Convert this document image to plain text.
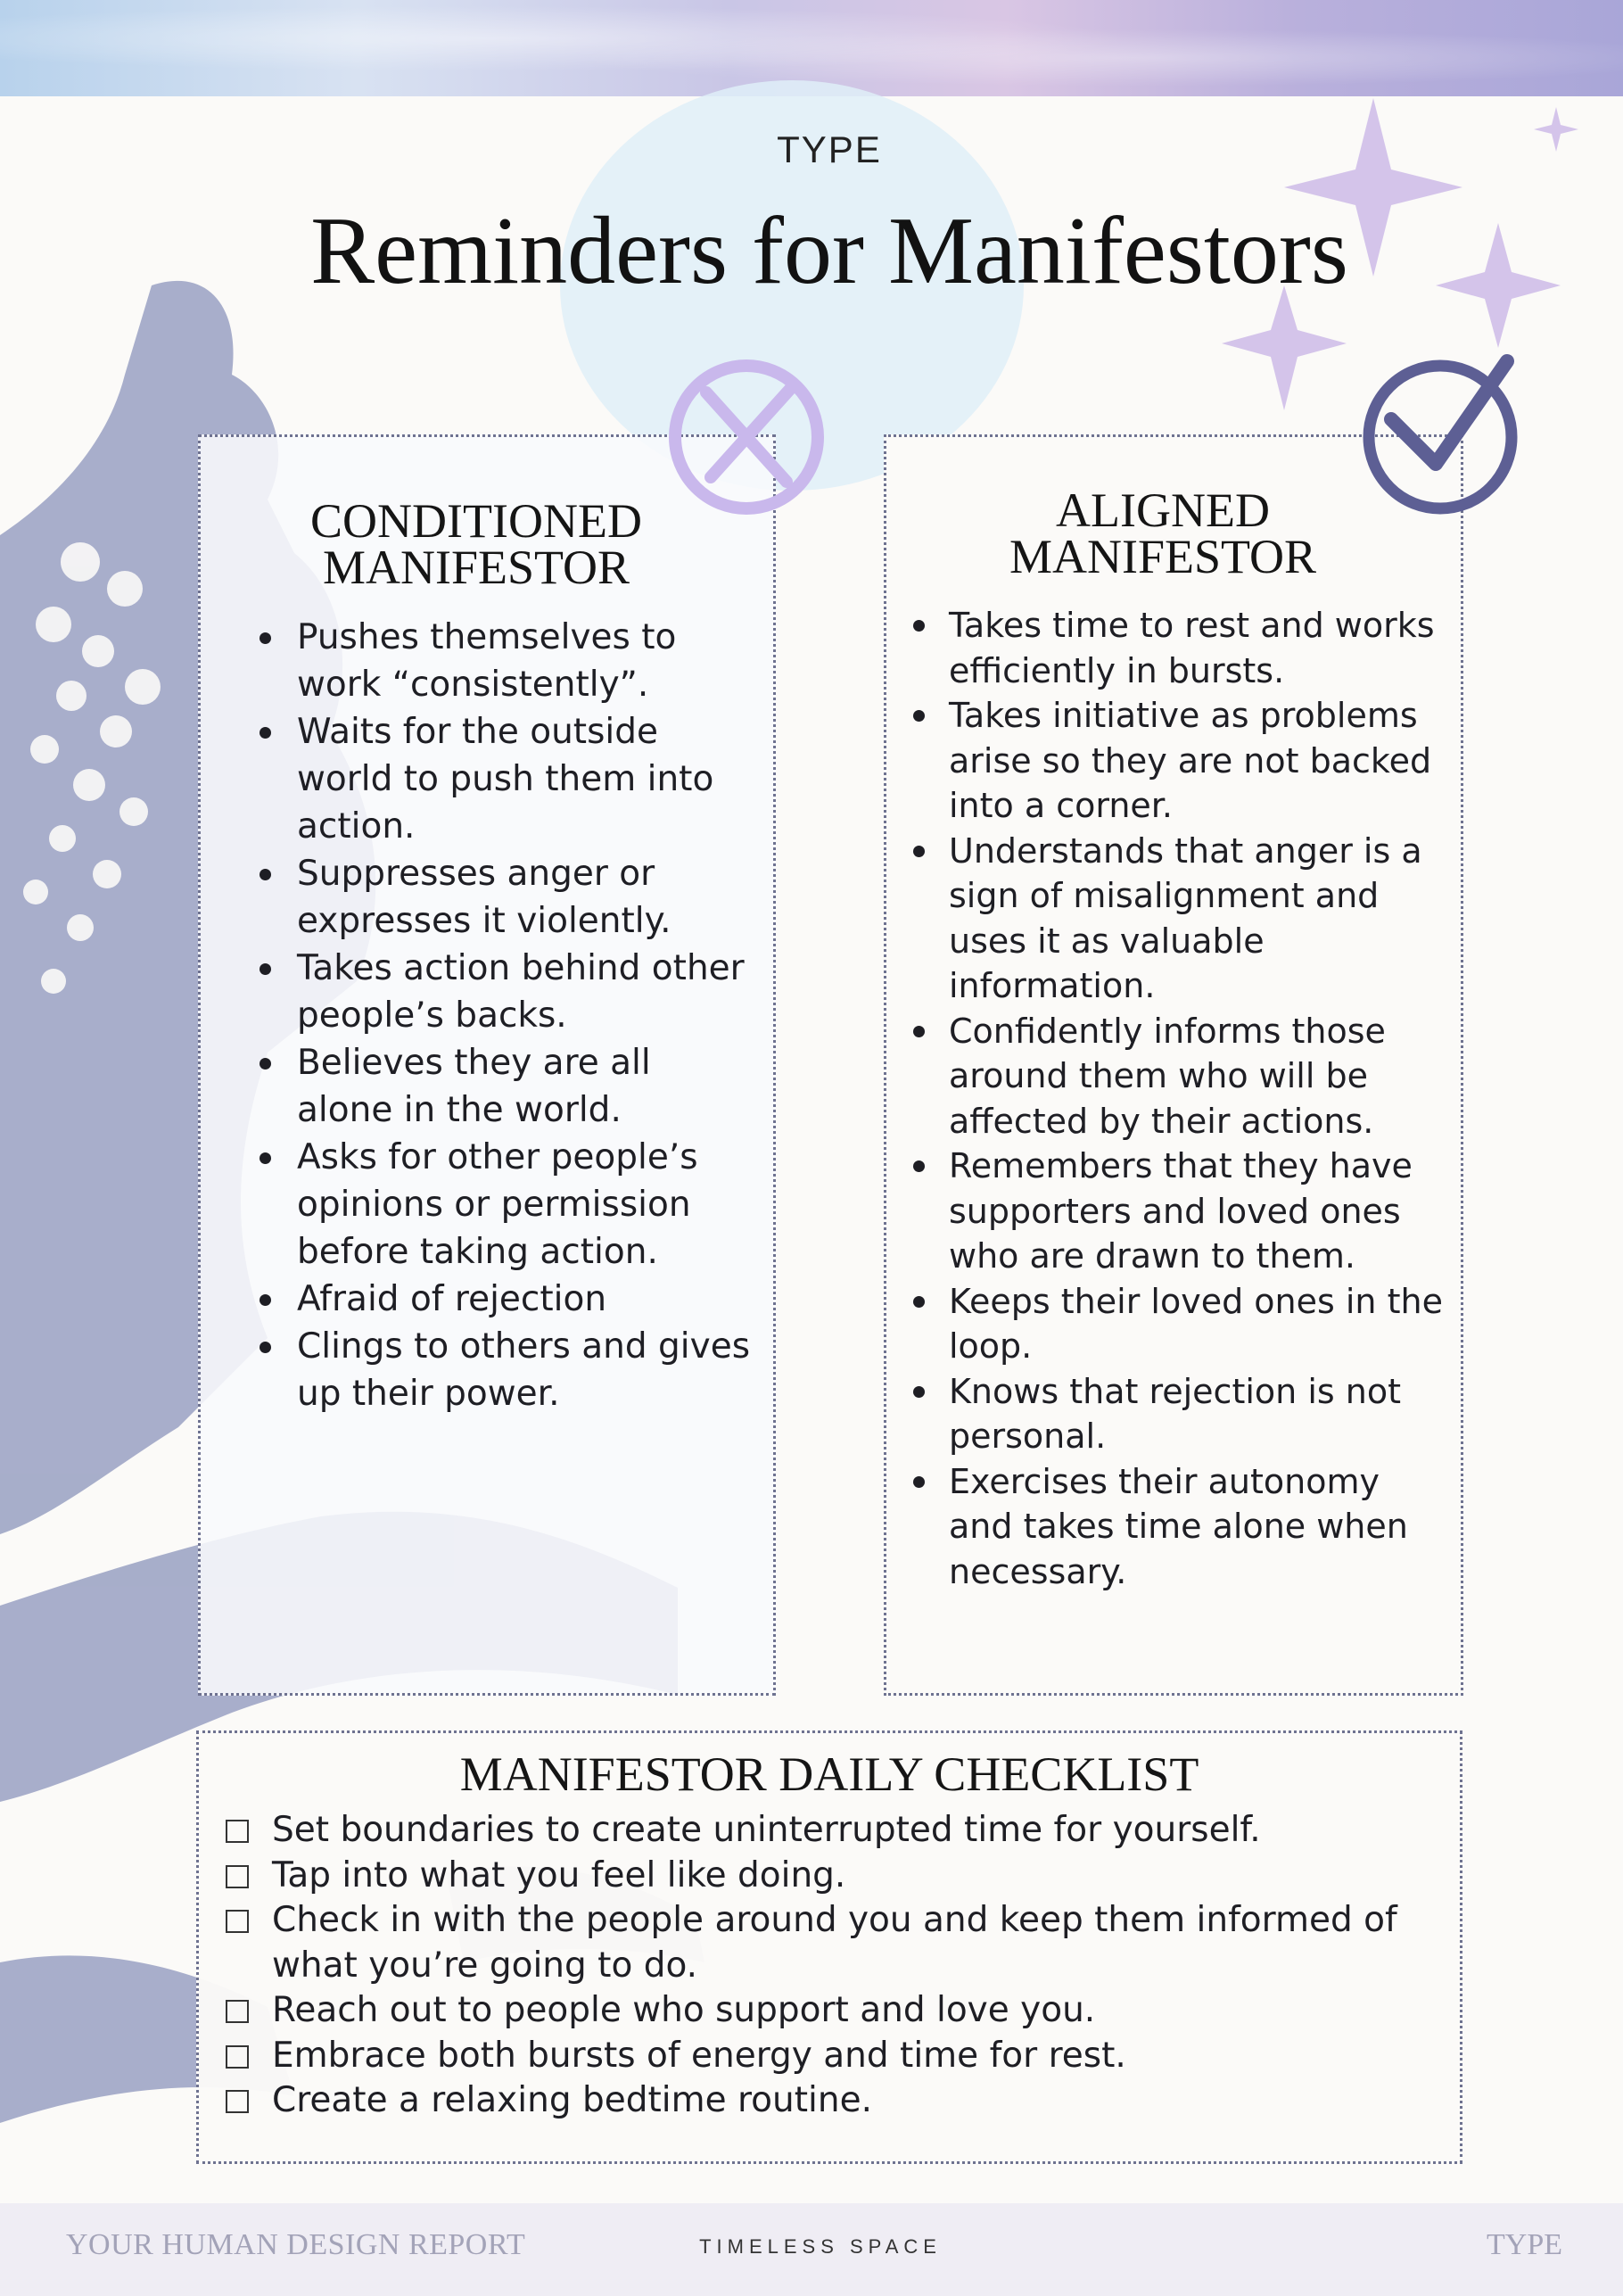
TYPE
Reminders for Manifestors
CONDITIONED
MANIFESTOR
Pushes themselves to work “consistently”.
Waits for the outside world to push them into action.
Suppresses anger or expresses it violently.
Takes action behind other people’s backs.
Believes they are all alone in the world.
Asks for other people’s opinions or permission before taking action.
Afraid of rejection
Clings to others and gives up their power.
ALIGNED
MANIFESTOR
Takes time to rest and works efficiently in bursts.
Takes initiative as problems arise so they are not backed into a corner.
Understands that anger is a sign of misalignment and uses it as valuable information.
Confidently informs those around them who will be affected by their actions.
Remembers that they have supporters and loved ones who are drawn to them.
Keeps their loved ones in the loop.
Knows that rejection is not personal.
Exercises their autonomy and takes time alone when necessary.
MANIFESTOR DAILY CHECKLIST
Set boundaries to create uninterrupted time for yourself.
Tap into what you feel like doing.
Check in with the people around you and keep them informed of what you’re going to do.
Reach out to people who support and love you.
Embrace both bursts of energy and time for rest.
Create a relaxing bedtime routine.
YOUR HUMAN DESIGN REPORT	TIMELESS SPACE	TYPE
